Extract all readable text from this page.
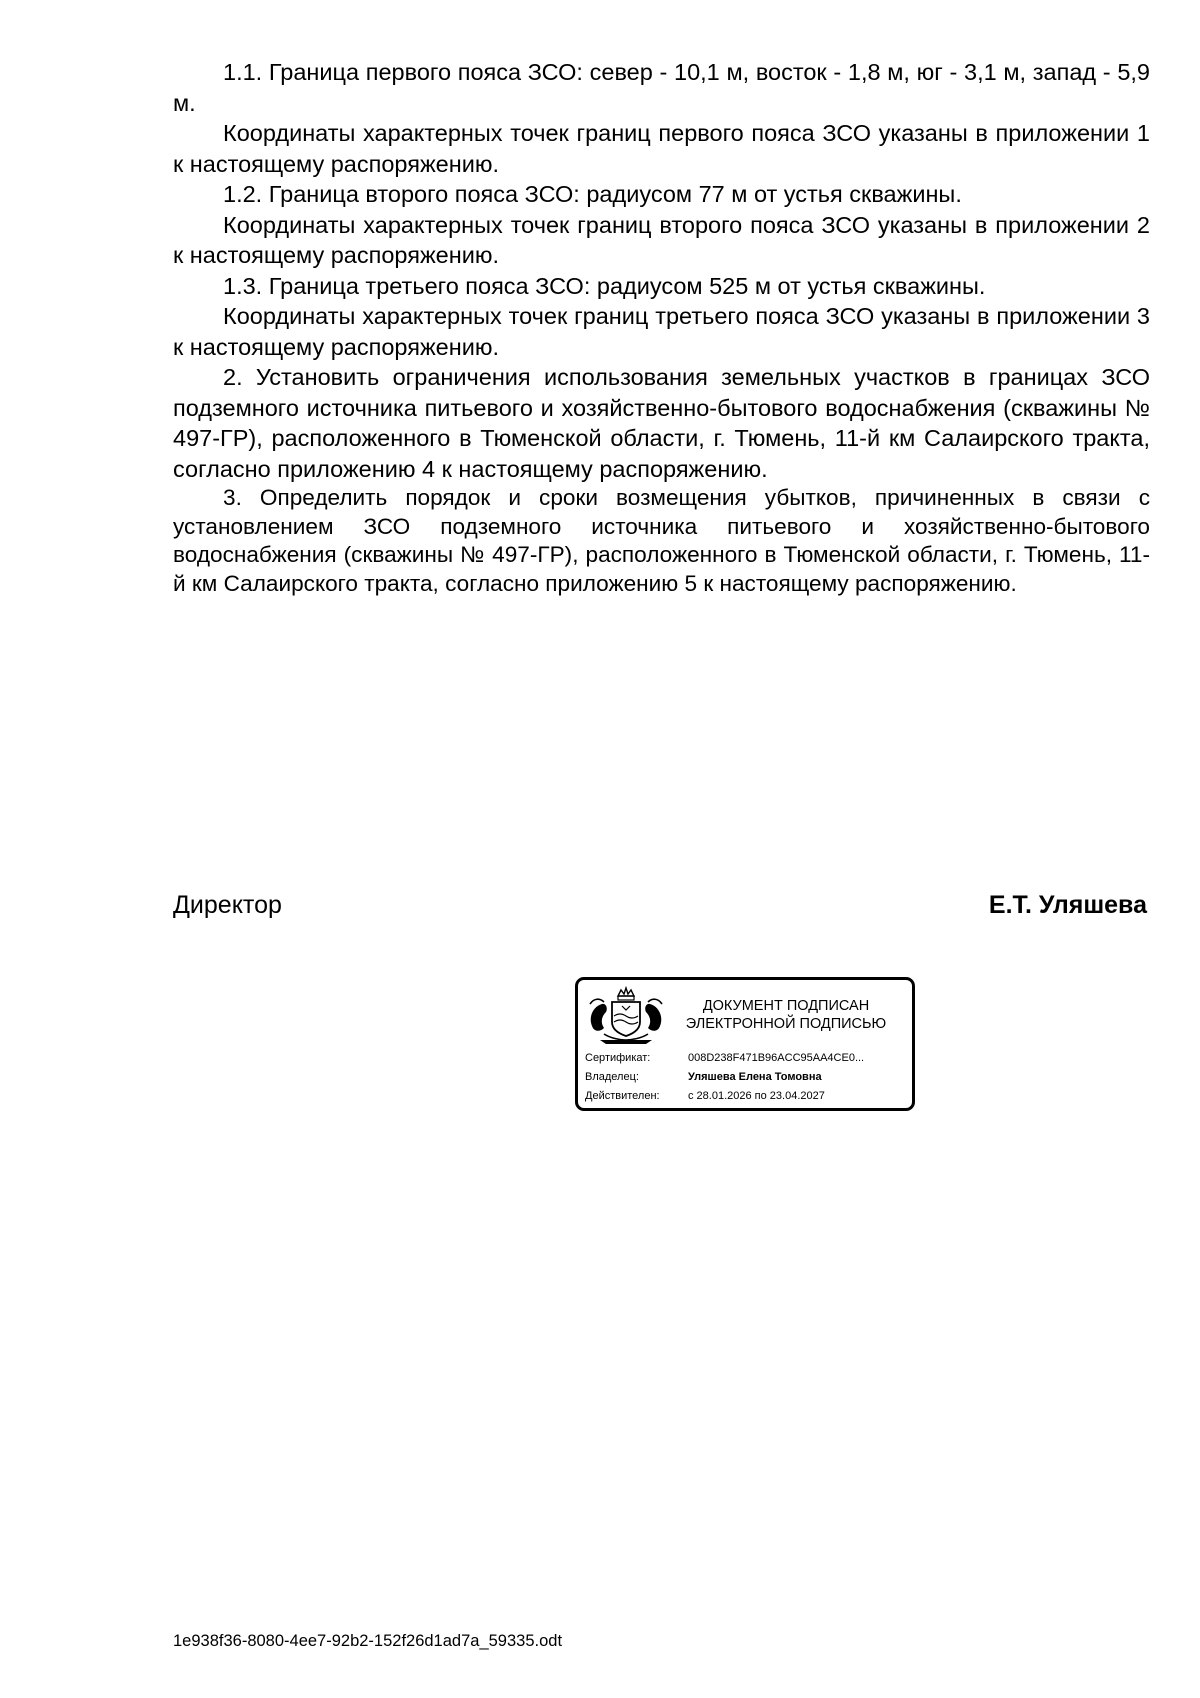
1.1. Граница первого пояса ЗСО: север - 10,1 м, восток - 1,8 м, юг - 3,1 м, запад - 5,9 м.

Координаты характерных точек границ первого пояса ЗСО указаны в приложении 1 к настоящему распоряжению.

1.2. Граница второго пояса ЗСО: радиусом 77 м от устья скважины.

Координаты характерных точек границ второго пояса ЗСО указаны в приложении 2 к настоящему распоряжению.

1.3. Граница третьего пояса ЗСО: радиусом 525 м от устья скважины.

Координаты характерных точек границ третьего пояса ЗСО указаны в приложении 3 к настоящему распоряжению.

2. Установить ограничения использования земельных участков в границах ЗСО подземного источника питьевого и хозяйственно-бытового водоснабжения (скважины № 497-ГР), расположенного в Тюменской области, г. Тюмень, 11-й км Салаирского тракта, согласно приложению 4 к настоящему распоряжению.

3. Определить порядок и сроки возмещения убытков, причиненных в связи с установлением ЗСО подземного источника питьевого и хозяйственно-бытового водоснабжения (скважины № 497-ГР), расположенного в Тюменской области, г. Тюмень, 11-й км Салаирского тракта, согласно приложению 5 к настоящему распоряжению.

Директор	Е.Т. Уляшева
ДОКУМЕНТ ПОДПИСАН
ЭЛЕКТРОННОЙ ПОДПИСЬЮ
Сертификат:	008D238F471B96ACC95AA4CE0...
Владелец:	Уляшева Елена Томовна
Действителен:	с 28.01.2026 по 23.04.2027
1e938f36-8080-4ee7-92b2-152f26d1ad7a_59335.odt
